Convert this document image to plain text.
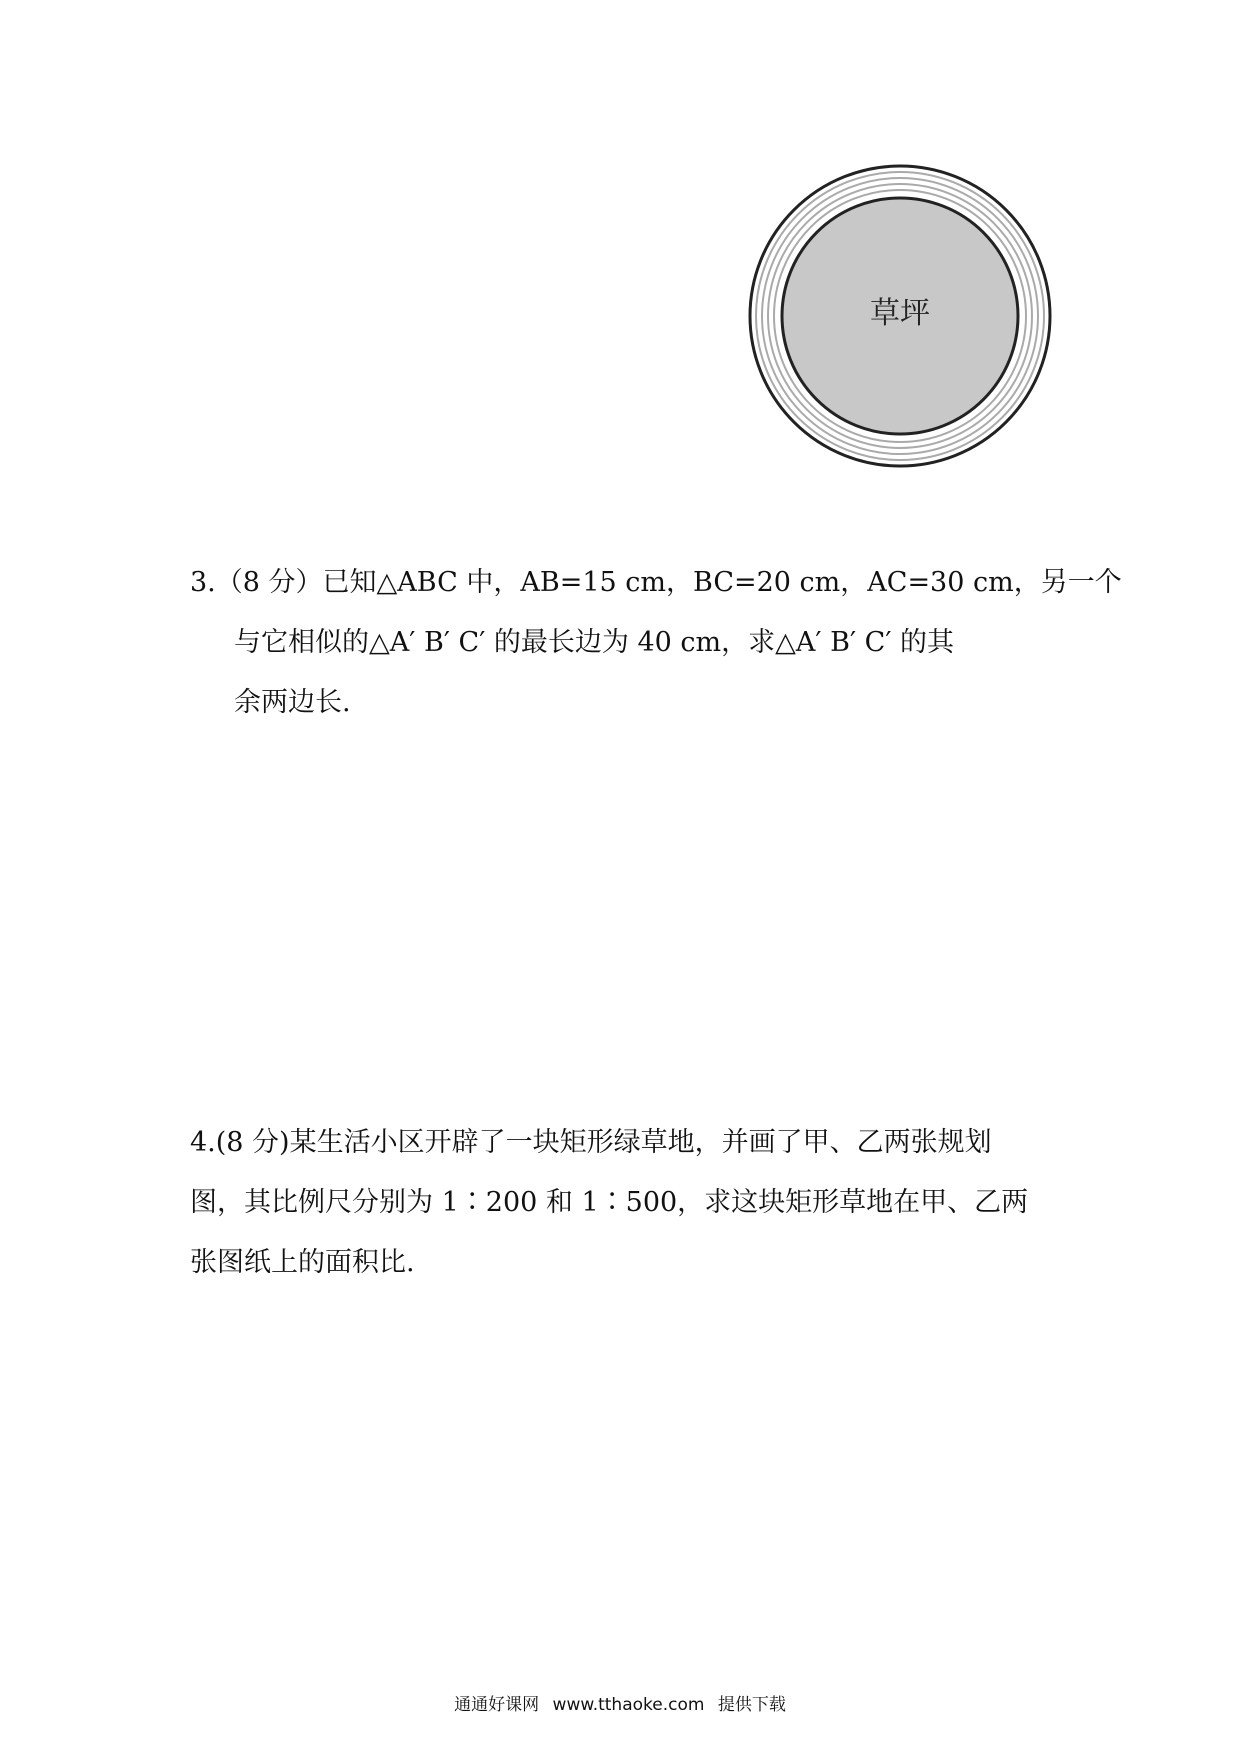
草坪
3.（8 分）已知△ABC 中，AB=15 cm，BC=20 cm，AC=30 cm，另一个
与它相似的△A′ B′ C′ 的最长边为 40 cm，求△A′ B′ C′ 的其
余两边长.
4.(8 分)某生活小区开辟了一块矩形绿草地，并画了甲、乙两张规划
图，其比例尺分别为 1∶200 和 1∶500，求这块矩形草地在甲、乙两
张图纸上的面积比.
通通好课网 www.tthaoke.com 提供下载
